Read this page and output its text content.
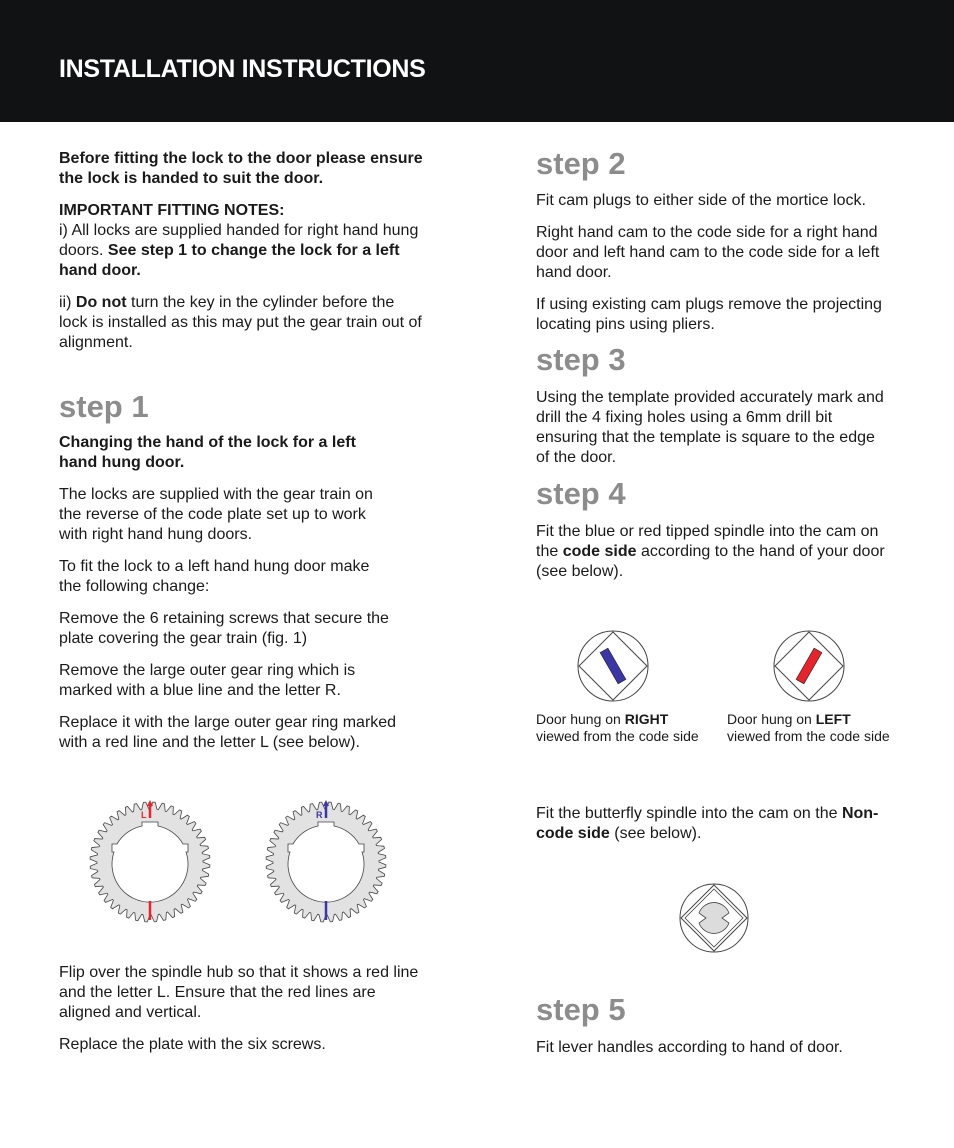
INSTALLATION INSTRUCTIONS

Before fitting the lock to the door please ensure the lock is handed to suit the door.

IMPORTANT FITTING NOTES:
i) All locks are supplied handed for right hand hung doors. See step 1 to change the lock for a left hand door.

ii) Do not turn the key in the cylinder before the lock is installed as this may put the gear train out of alignment.

step 1

Changing the hand of the lock for a left hand hung door.

The locks are supplied with the gear train on the reverse of the code plate set up to work with right hand hung doors.

To fit the lock to a left hand hung door make the following change:

Remove the 6 retaining screws that secure the plate covering the gear train (fig. 1)

Remove the large outer gear ring which is marked with a blue line and the letter R.

Replace it with the large outer gear ring marked with a red line and the letter L (see below).

L	R

Flip over the spindle hub so that it shows a red line and the letter L. Ensure that the red lines are aligned and vertical.

Replace the plate with the six screws.

step 2

Fit cam plugs to either side of the mortice lock.

Right hand cam to the code side for a right hand door and left hand cam to the code side for a left hand door.

If using existing cam plugs remove the projecting locating pins using pliers.

step 3

Using the template provided accurately mark and drill the 4 fixing holes using a 6mm drill bit ensuring that the template is square to the edge of the door.

step 4

Fit the blue or red tipped spindle into the cam on the code side according to the hand of your door (see below).

Door hung on RIGHT
viewed from the code side
Door hung on LEFT
viewed from the code side

Fit the butterfly spindle into the cam on the Non-code side (see below).

step 5

Fit lever handles according to hand of door.
